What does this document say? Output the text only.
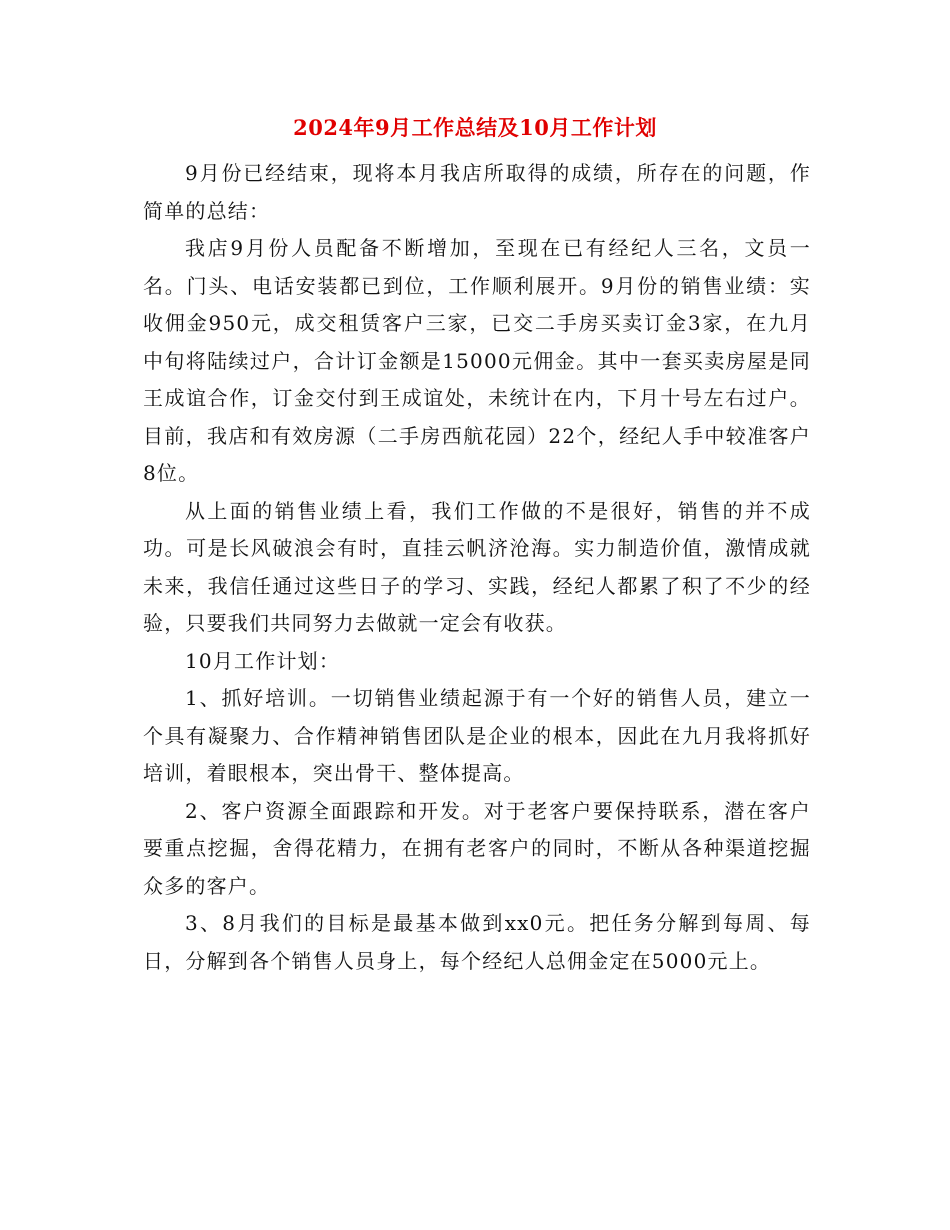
2024年9月工作总结及10月工作计划

9月份已经结束，现将本月我店所取得的成绩，所存在的问题，作简单的总结：

我店9月份人员配备不断增加，至现在已有经纪人三名，文员一名。门头、电话安装都已到位，工作顺利展开。9月份的销售业绩：实收佣金950元，成交租赁客户三家，已交二手房买卖订金3家，在九月中旬将陆续过户，合计订金额是15000元佣金。其中一套买卖房屋是同王成谊合作，订金交付到王成谊处，未统计在内，下月十号左右过户。目前，我店和有效房源（二手房西航花园）22个，经纪人手中较准客户8位。

从上面的销售业绩上看，我们工作做的不是很好，销售的并不成功。可是长风破浪会有时，直挂云帆济沧海。实力制造价值，激情成就未来，我信任通过这些日子的学习、实践，经纪人都累了积了不少的经验，只要我们共同努力去做就一定会有收获。

10月工作计划：

1、抓好培训。一切销售业绩起源于有一个好的销售人员，建立一个具有凝聚力、合作精神销售团队是企业的根本，因此在九月我将抓好培训，着眼根本，突出骨干、整体提高。

2、客户资源全面跟踪和开发。对于老客户要保持联系，潜在客户要重点挖掘，舍得花精力，在拥有老客户的同时，不断从各种渠道挖掘众多的客户。

3、8月我们的目标是最基本做到xx0元。把任务分解到每周、每日，分解到各个销售人员身上，每个经纪人总佣金定在5000元上。
